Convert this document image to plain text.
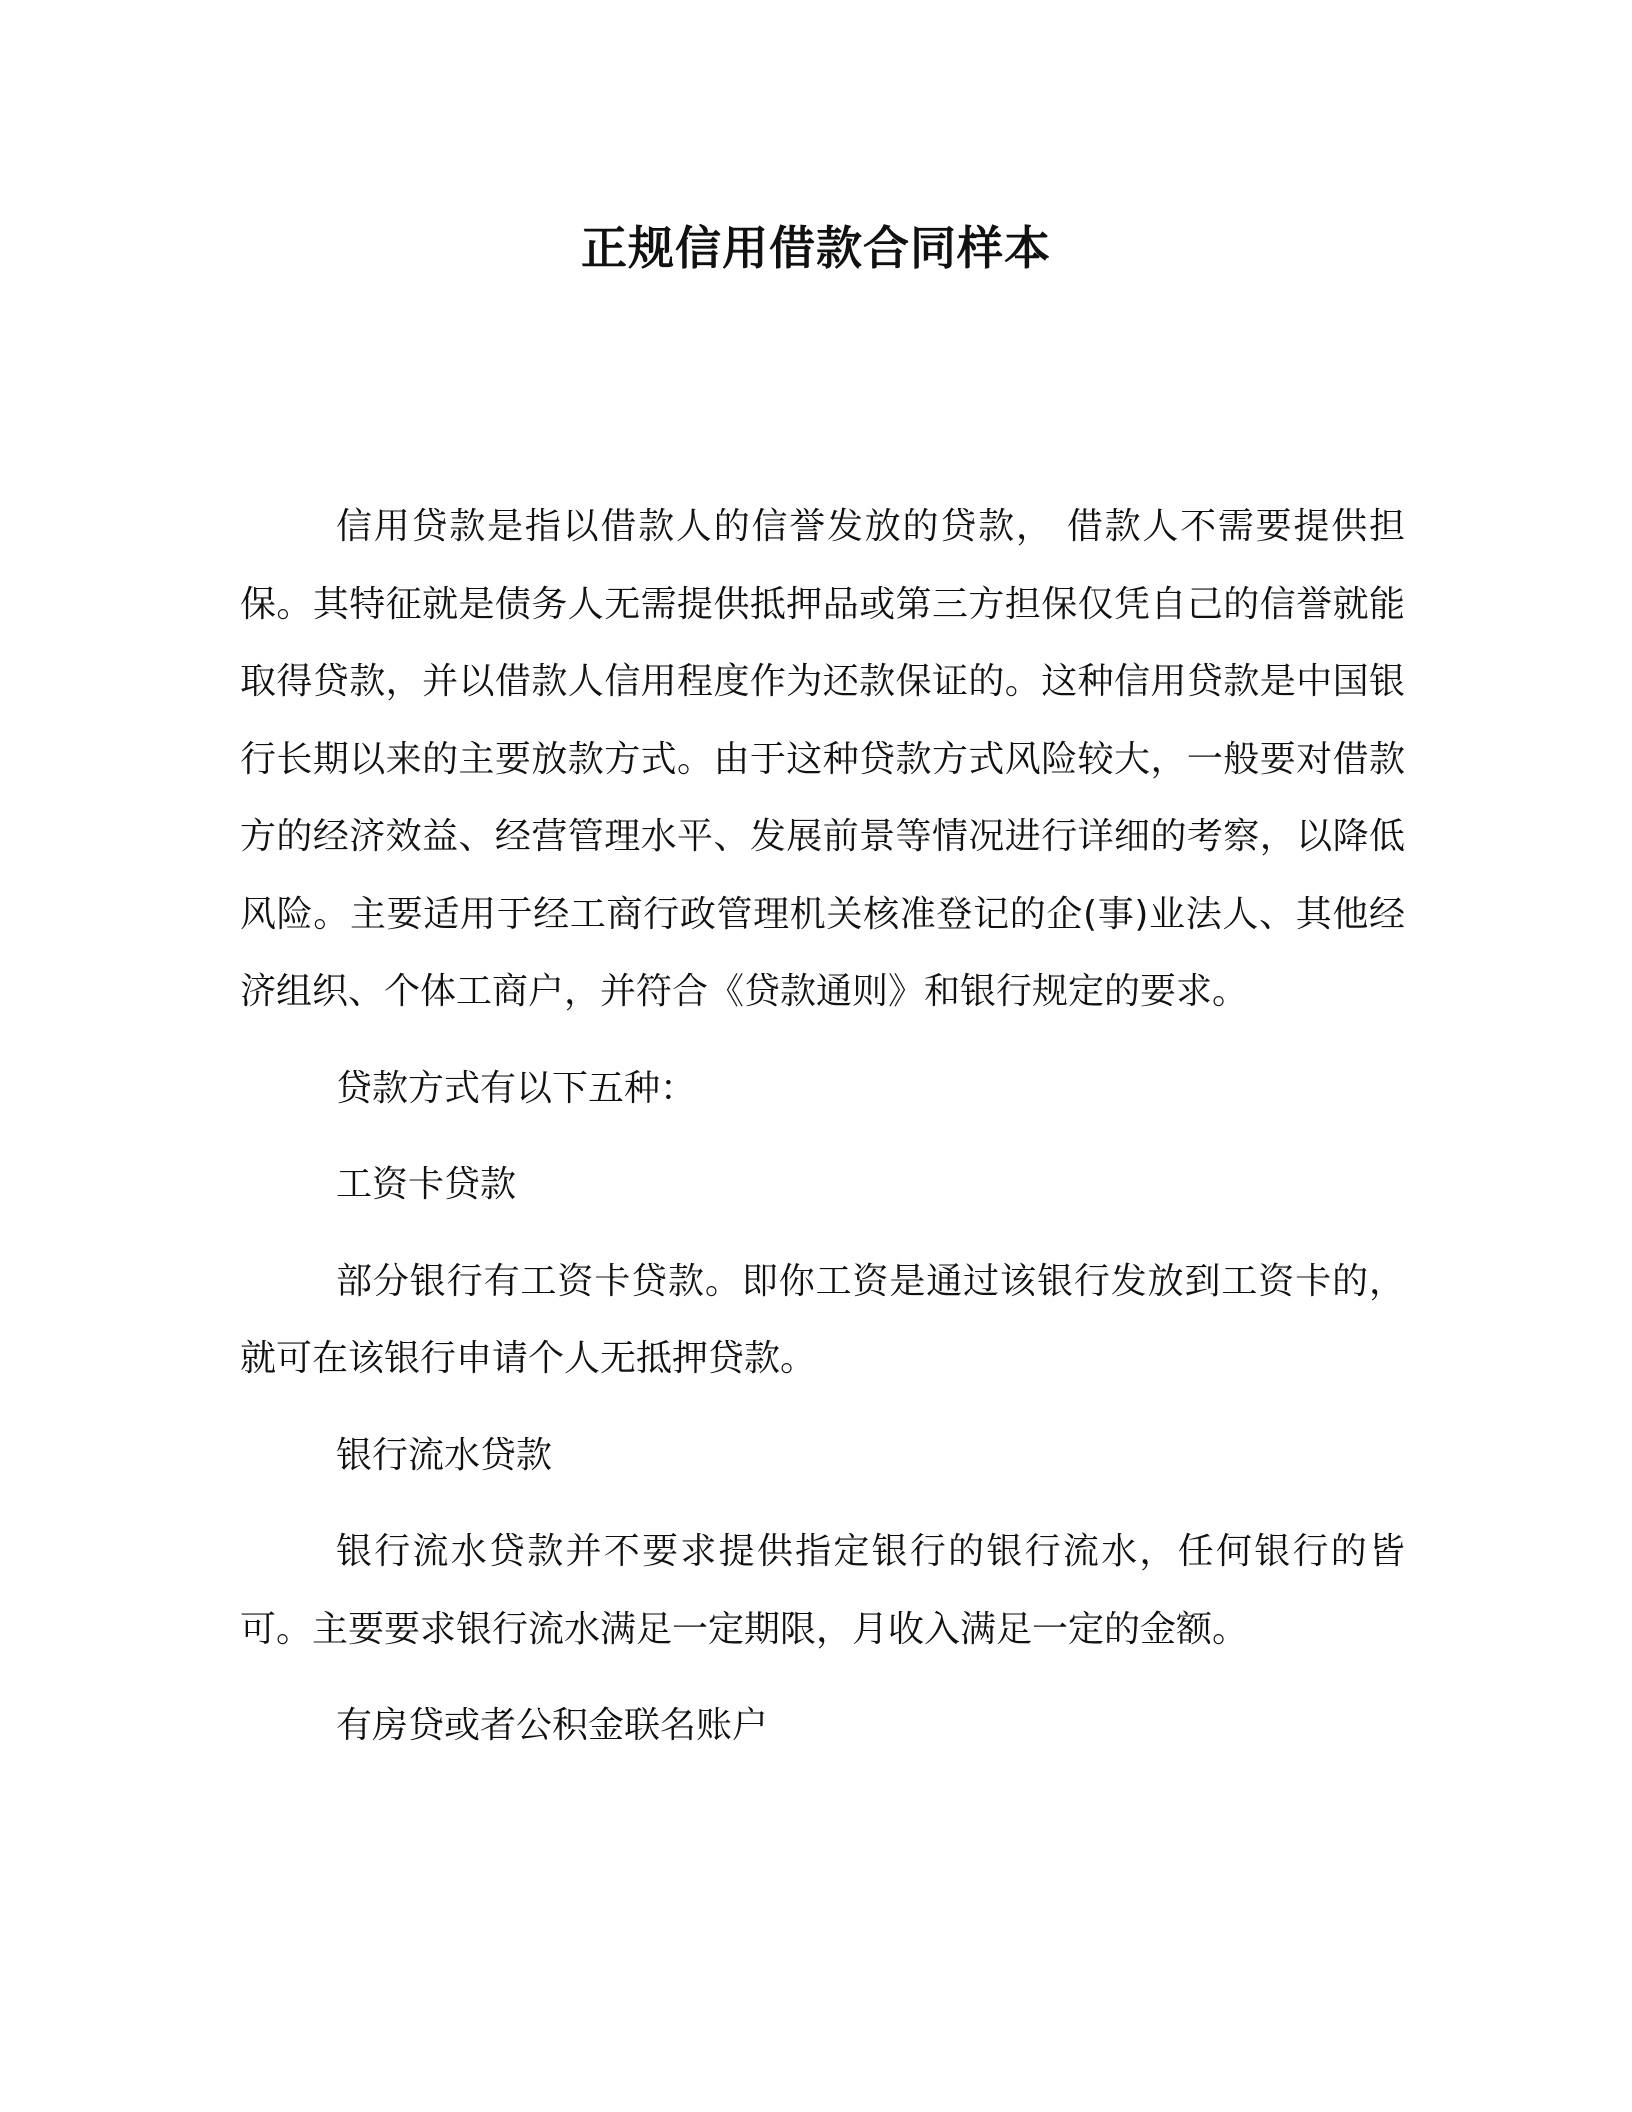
正规信用借款合同样本

信用贷款是指以借款人的信誉发放的贷款， 借款人不需要提供担保。其特征就是债务人无需提供抵押品或第三方担保仅凭自己的信誉就能取得贷款，并以借款人信用程度作为还款保证的。这种信用贷款是中国银行长期以来的主要放款方式。由于这种贷款方式风险较大，一般要对借款方的经济效益、经营管理水平、发展前景等情况进行详细的考察，以降低风险。主要适用于经工商行政管理机关核准登记的企(事)业法人、其他经济组织、个体工商户，并符合《贷款通则》和银行规定的要求。

贷款方式有以下五种：

工资卡贷款

部分银行有工资卡贷款。即你工资是通过该银行发放到工资卡的，就可在该银行申请个人无抵押贷款。

银行流水贷款

银行流水贷款并不要求提供指定银行的银行流水，任何银行的皆可。主要要求银行流水满足一定期限，月收入满足一定的金额。

有房贷或者公积金联名账户
